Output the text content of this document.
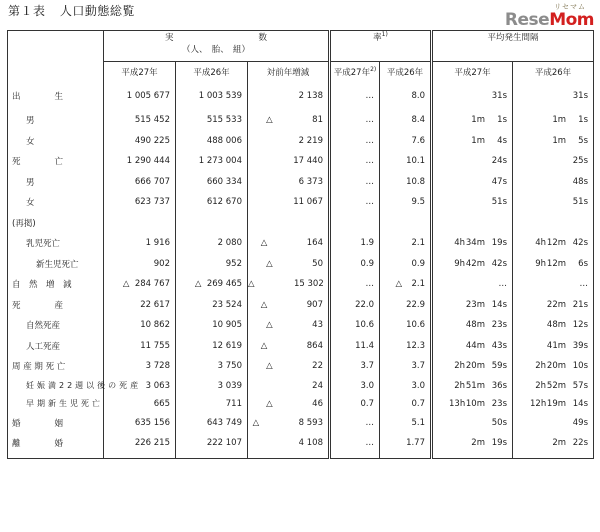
第１表 人口動態総覧	リセマム
ReseMom

	実　　　　　　　　　　数
（人、　胎、　組）			率$^{1)}$		平均発生間隔	
	平成27年	平成26年	対前年増減	平成27年$^{2)}$	平成26年	平成27年	平成26年
出　　　　生	1 005 677	1 003 539	2 138	…	8.0	31s	31s
男	515 452	515 533	△ 81	…	8.4	1m 1s	1m 1s
女	490 225	488 006	2 219	…	7.6	1m 4s	1m 5s
死　　　　亡	1 290 444	1 273 004	17 440	…	10.1	24s	25s
男	666 707	660 334	6 373	…	10.8	47s	48s
女	623 737	612 670	11 067	…	9.5	51s	51s
(再掲)							
乳児死亡	1 916	2 080	△ 164	1.9	2.1	4h34m 19s	4h12m 42s
新生児死亡	902	952	△ 50	0.9	0.9	9h42m 42s	9h12m 6s
自　然　増　減	△ 284 767	△ 269 465	△ 15 302	…	△ 2.1	…	…
死　　　　産	22 617	23 524	△ 907	22.0	22.9	23m 14s	22m 21s
自然死産	10 862	10 905	△ 43	10.6	10.6	48m 23s	48m 12s
人工死産	11 755	12 619	△ 864	11.4	12.3	44m 43s	41m 39s
周 産 期 死 亡	3 728	3 750	△ 22	3.7	3.7	2h20m 59s	2h20m 10s
妊娠満22週以後の死産	3 063	3 039	24	3.0	3.0	2h51m 36s	2h52m 57s
早期新生児死亡	665	711	△ 46	0.7	0.7	13h10m 23s	12h19m 14s
婚　　　　姻	635 156	643 749	△ 8 593	…	5.1	50s	49s
離　　　　婚	226 215	222 107	4 108	…	1.77	2m 19s	2m 22s
